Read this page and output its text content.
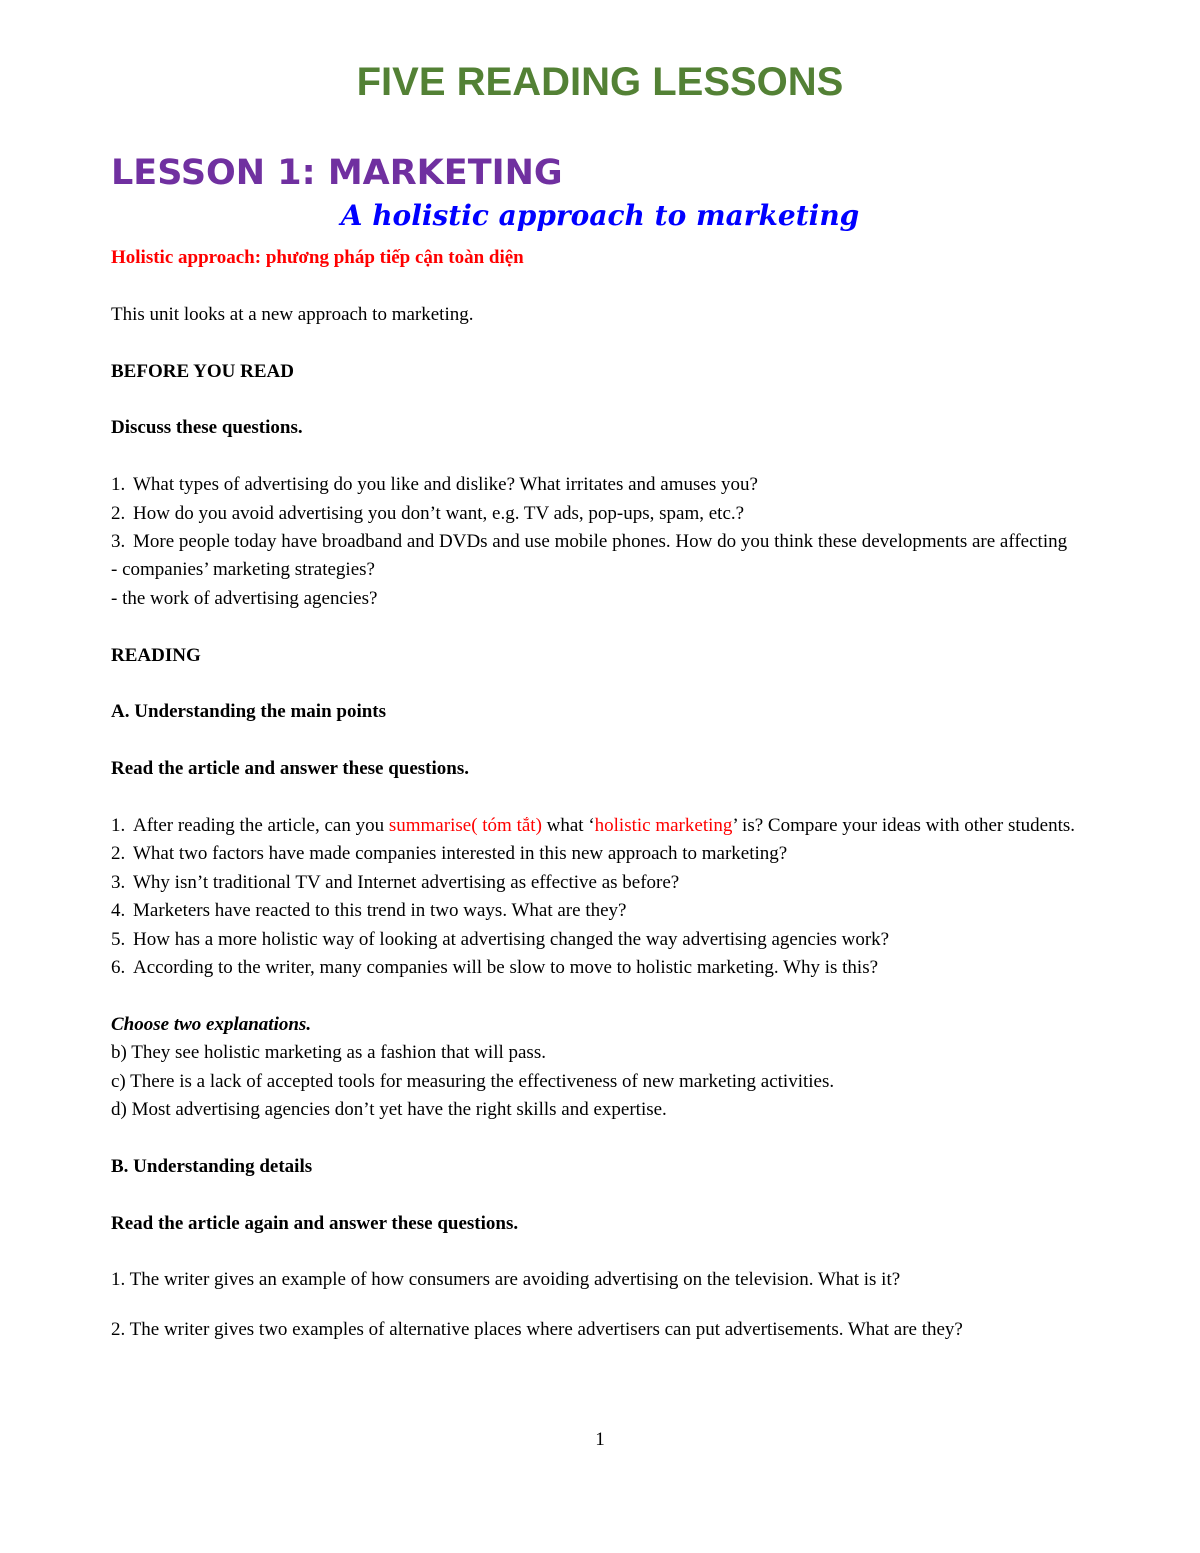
FIVE READING LESSONS
LESSON 1: MARKETING
A holistic approach to marketing

Holistic approach: phương pháp tiếp cận toàn diện

This unit looks at a new approach to marketing.

BEFORE YOU READ

Discuss these questions.

1. What types of advertising do you like and dislike? What irritates and amuses you?
2. How do you avoid advertising you don’t want, e.g. TV ads, pop-ups, spam, etc.?
3. More people today have broadband and DVDs and use mobile phones. How do you think these developments are affecting

- companies’ marketing strategies?

- the work of advertising agencies?

READING

A. Understanding the main points

Read the article and answer these questions.

1. After reading the article, can you summarise( tóm tắt) what ‘holistic marketing’ is? Compare your ideas with other students.
2. What two factors have made companies interested in this new approach to marketing?
3. Why isn’t traditional TV and Internet advertising as effective as before?
4. Marketers have reacted to this trend in two ways. What are they?
5. How has a more holistic way of looking at advertising changed the way advertising agencies work?
6. According to the writer, many companies will be slow to move to holistic marketing. Why is this?

Choose two explanations.

b) They see holistic marketing as a fashion that will pass.

c) There is a lack of accepted tools for measuring the effectiveness of new marketing activities.

d) Most advertising agencies don’t yet have the right skills and expertise.

B. Understanding details

Read the article again and answer these questions.

1. The writer gives an example of how consumers are avoiding advertising on the television. What is it?

2. The writer gives two examples of alternative places where advertisers can put advertisements. What are they?

1
